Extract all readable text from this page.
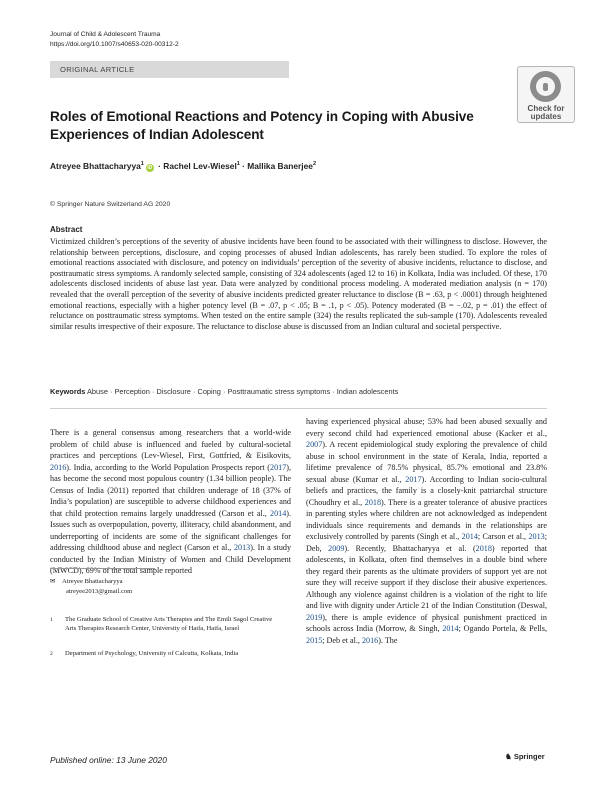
Journal of Child & Adolescent Trauma
https://doi.org/10.1007/s40653-020-00312-2
ORIGINAL ARTICLE
Check for
updates
Roles of Emotional Reactions and Potency in Coping with Abusive Experiences of Indian Adolescent
Atreyee Bhattacharyya$^1$iD · Rachel Lev-Wiesel$^1$ · Mallika Banerjee$^2$
© Springer Nature Switzerland AG 2020
Abstract
Victimized children’s perceptions of the severity of abusive incidents have been found to be associated with their willingness to disclose. However, the relationship between perceptions, disclosure, and coping processes of abused Indian adolescents, has rarely been studied. To explore the roles of emotional reactions associated with disclosure, and potency on individuals’ perception of the severity of abusive incidents, reluctance to disclose, and posttraumatic stress symptoms. A randomly selected sample, consisting of 324 adolescents (aged 12 to 16) in Kolkata, India was included. Of these, 170 adolescents disclosed incidents of abuse last year. Data were analyzed by conditional process modeling. A moderated mediation analysis (n = 170) revealed that the overall perception of the severity of abusive incidents predicted greater reluctance to disclose (B = .63, p < .0001) through heightened emotional reactions, especially with a higher potency level (B = .07, p < .05; B = .1, p < .05). Potency moderated (B = −.02, p = .01) the effect of reluctance on posttraumatic stress symptoms. When tested on the entire sample (324) the results replicated the sub-sample (170). Adolescents revealed similar results irrespective of their exposure. The reluctance to disclose abuse is discussed from an Indian cultural and societal perspective.
Keywords Abuse · Perception · Disclosure · Coping · Posttraumatic stress symptoms · Indian adolescents
There is a general consensus among researchers that a world-wide problem of child abuse is influenced and fueled by cultural-societal practices and perceptions (Lev-Wiesel, First, Gottfried, & Eisikovits, 2016). India, according to the World Population Prospects report (2017), has become the second most populous country (1.34 billion people). The Census of India (2011) reported that children underage of 18 (37% of India’s population) are susceptible to adverse childhood experiences and that child protection remains largely unaddressed (Carson et al., 2014). Issues such as overpopulation, poverty, illiteracy, child abandonment, and underreporting of incidents are some of the significant challenges for addressing childhood abuse and neglect (Carson et al., 2013). In a study conducted by the Indian Ministry of Women and Child Development (MWCD), 69% of the total sample reported
having experienced physical abuse; 53% had been abused sexually and every second child had experienced emotional abuse (Kacker et al., 2007). A recent epidemiological study exploring the prevalence of child abuse in school environment in the state of Kerala, India, reported a lifetime prevalence of 78.5% physical, 85.7% emotional and 23.8% sexual abuse (Kumar et al., 2017). According to Indian socio-cultural beliefs and practices, the family is a closely-knit patriarchal structure (Choudhry et al., 2018). There is a greater tolerance of abusive practices in parenting styles where children are not acknowledged as independent individuals since requirements and demands in the relationships are exclusively controlled by parents (Singh et al., 2014; Carson et al., 2013; Deb, 2009). Recently, Bhattacharyya et al. (2018) reported that adolescents, in Kolkata, often find themselves in a double bind where they regard their parents as the ultimate providers of support yet are not sure they will receive support if they disclose their abusive experiences. Although any violence against children is a violation of the right to life and live with dignity under Article 21 of the Indian Constitution (Deswal, 2019), there is ample evidence of physical punishment practiced in schools across India (Morrow, & Singh, 2014; Ogando Portela, & Pells, 2015; Deb et al., 2016). The
✉ Atreyee Bhattacharyya
atreyee2013@gmail.com
1	The Graduate School of Creative Arts Therapies and The Emili Sagol Creative Arts Therapies Research Center, University of Haifa, Haifa, Israel
2	Department of Psychology, University of Calcutta, Kolkata, India
Published online: 13 June 2020	♞ Springer
